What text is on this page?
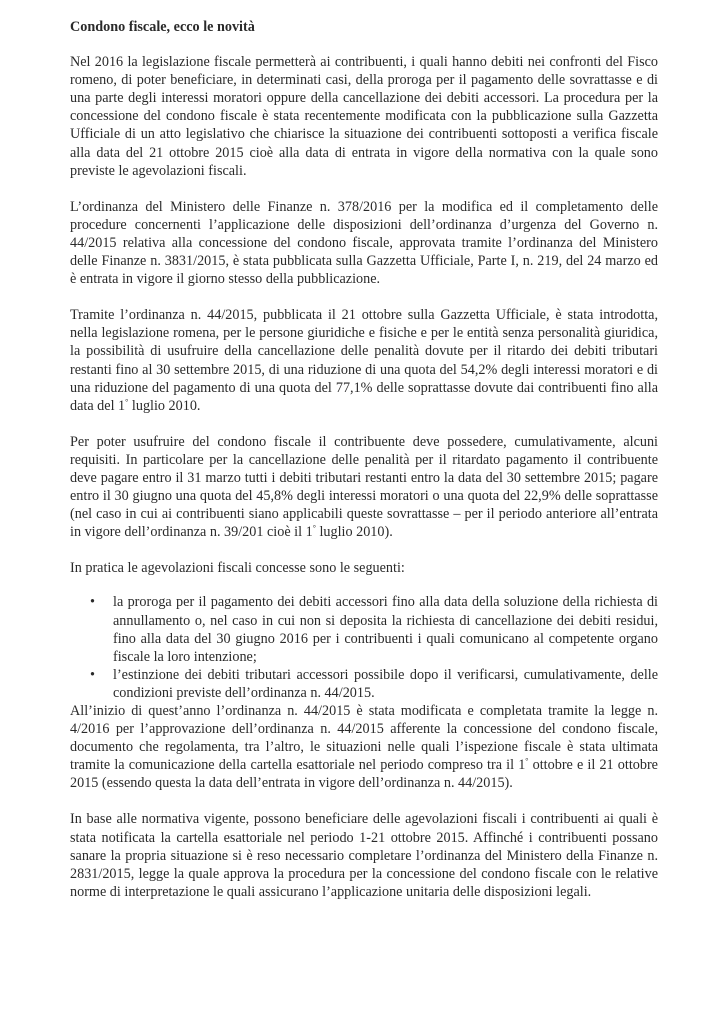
Condono fiscale, ecco le novità

Nel 2016 la legislazione fiscale permetterà ai contribuenti, i quali hanno debiti nei confronti del Fisco romeno, di poter beneficiare, in determinati casi, della proroga per il pagamento delle sovrattasse e di una parte degli interessi moratori oppure della cancellazione dei debiti accessori. La procedura per la concessione del condono fiscale è stata recentemente modificata con la pubblicazione sulla Gazzetta Ufficiale di un atto legislativo che chiarisce la situazione dei contribuenti sottoposti a verifica fiscale alla data del 21 ottobre 2015 cioè alla data di entrata in vigore della normativa con la quale sono previste le agevolazioni fiscali.

L’ordinanza del Ministero delle Finanze n. 378/2016 per la modifica ed il completamento delle procedure concernenti l’applicazione delle disposizioni dell’ordinanza d’urgenza del Governo n. 44/2015 relativa alla concessione del condono fiscale, approvata tramite l’ordinanza del Ministero delle Finanze n. 3831/2015, è stata pubblicata sulla Gazzetta Ufficiale, Parte I, n. 219, del 24 marzo ed è entrata in vigore il giorno stesso della pubblicazione.

Tramite l’ordinanza n. 44/2015, pubblicata il 21 ottobre sulla Gazzetta Ufficiale, è stata introdotta, nella legislazione romena, per le persone giuridiche e fisiche e per le entità senza personalità giuridica, la possibilità di usufruire della cancellazione delle penalità dovute per il ritardo dei debiti tributari restanti fino al 30 settembre 2015, di una riduzione di una quota del 54,2% degli interessi moratori e di una riduzione del pagamento di una quota del 77,1% delle soprattasse dovute dai contribuenti fino alla data del 1° luglio 2010.

Per poter usufruire del condono fiscale il contribuente deve possedere, cumulativamente, alcuni requisiti. In particolare per la cancellazione delle penalità per il ritardato pagamento il contribuente deve pagare entro il 31 marzo tutti i debiti tributari restanti entro la data del 30 settembre 2015; pagare entro il 30 giugno una quota del 45,8% degli interessi moratori o una quota del 22,9% delle soprattasse (nel caso in cui ai contribuenti siano applicabili queste sovrattasse – per il periodo anteriore all’entrata in vigore dell’ordinanza n. 39/201 cioè il 1° luglio 2010).

In pratica le agevolazioni fiscali concesse sono le seguenti:

• la proroga per il pagamento dei debiti accessori fino alla data della soluzione della richiesta di annullamento o, nel caso in cui non si deposita la richiesta di cancellazione dei debiti residui, fino alla data del 30 giugno 2016 per i contribuenti i quali comunicano al competente organo fiscale la loro intenzione;
• l’estinzione dei debiti tributari accessori possibile dopo il verificarsi, cumulativamente, delle condizioni previste dell’ordinanza n. 44/2015.

All’inizio di quest’anno l’ordinanza n. 44/2015 è stata modificata e completata tramite la legge n. 4/2016 per l’approvazione dell’ordinanza n. 44/2015 afferente la concessione del condono fiscale, documento che regolamenta, tra l’altro, le situazioni nelle quali l’ispezione fiscale è stata ultimata tramite la comunicazione della cartella esattoriale nel periodo compreso tra il 1° ottobre e il 21 ottobre 2015 (essendo questa la data dell’entrata in vigore dell’ordinanza n. 44/2015).

In base alle normativa vigente, possono beneficiare delle agevolazioni fiscali i contribuenti ai quali è stata notificata la cartella esattoriale nel periodo 1-21 ottobre 2015. Affinché i contribuenti possano sanare la propria situazione si è reso necessario completare l’ordinanza del Ministero della Finanze n. 2831/2015, legge la quale approva la procedura per la concessione del condono fiscale con le relative norme di interpretazione le quali assicurano l’applicazione unitaria delle disposizioni legali.
